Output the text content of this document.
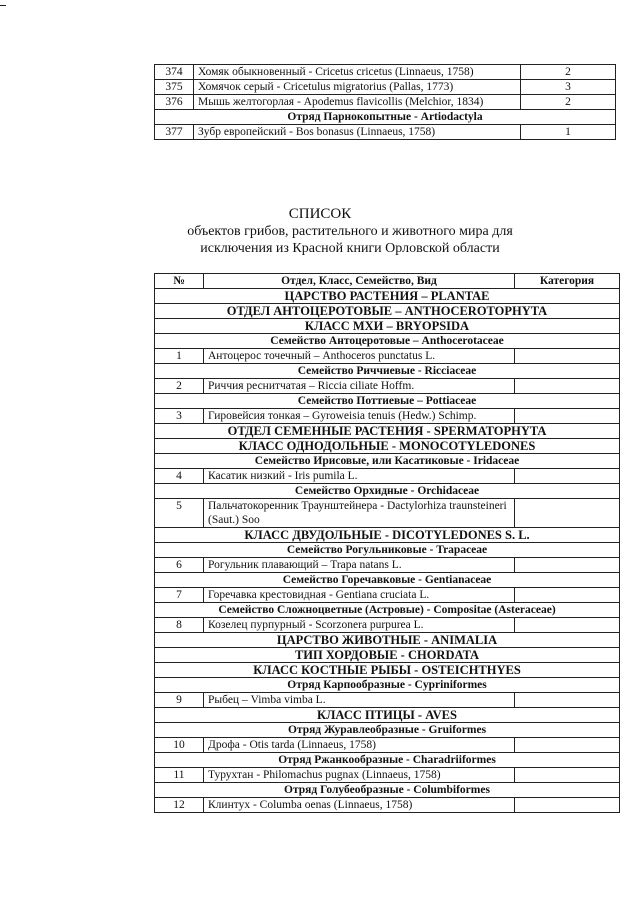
374	Хомяк обыкновенный - Cricetus cricetus (Linnaeus, 1758)	2
375	Хомячок серый - Cricetulus migratorius (Pallas, 1773)	3
376	Мышь желтогорлая - Apodemus flavicollis (Melchior, 1834)	2
Отряд Парнокопытные - Artiodactyla		
377	Зубр европейский - Bos bonasus (Linnaeus, 1758)	1
СПИСОК
объектов грибов, растительного и животного мира для исключения из Красной книги Орловской области
№	Отдел, Класс, Семейство, Вид	Категория
ЦАРСТВО РАСТЕНИЯ – PLANTAE		
ОТДЕЛ АНТОЦЕРОТОВЫЕ – ANTHOCEROTOPHYTA		
КЛАСС МХИ – BRYOPSIDA		
Семейство Антоцеротовые – Anthocerotaceae		
1	Антоцерос точечный – Anthoceros punctatus L.	
Семейство Риччиевые - Ricciaceae		
2	Риччия реснитчатая – Riccia ciliate Hoffm.	
Семейство Поттиевые – Pottiaceae		
3	Гировейсия тонкая – Gyroweisia tenuis (Hedw.) Schimp.	
ОТДЕЛ СЕМЕННЫЕ РАСТЕНИЯ - SPERMATOPHYTA		
КЛАСС ОДНОДОЛЬНЫЕ - MONOCOTYLEDONES		
Семейство Ирисовые, или Касатиковые - Iridaceae		
4	Касатик низкий - Iris pumila L.	
Семейство Орхидные - Orchidaceae		
5	Пальчатокоренник Траунштейнера - Dactylorhiza traunsteineri (Saut.) Soo	
КЛАСС ДВУДОЛЬНЫЕ - DICOTYLEDONES S. L.		
Семейство Рогульниковые - Trapaceae		
6	Рогульник плавающий – Trapa natans L.	
Семейство Горечавковые - Gentianaceae		
7	Горечавка крестовидная - Gentiana cruciata L.	
Семейство Сложноцветные (Астровые) - Compositae (Asteraceae)		
8	Козелец пурпурный - Scorzonera purpurea L.	
ЦАРСТВО ЖИВОТНЫЕ - ANIMALIA		
ТИП ХОРДОВЫЕ - CHORDATA		
КЛАСС КОСТНЫЕ РЫБЫ - OSTEICHTHYES		
Отряд Карпообразные - Cypriniformes		
9	Рыбец – Vimba vimba L.	
КЛАСС ПТИЦЫ - AVES		
Отряд Журавлеобразные - Gruiformes		
10	Дрофа - Otis tarda (Linnaeus, 1758)	
Отряд Ржанкообразные - Charadriiformes		
11	Турухтан - Philomachus pugnax (Linnaeus, 1758)	
Отряд Голубеобразные - Columbiformes		
12	Клинтух - Columba oenas (Linnaeus, 1758)	
